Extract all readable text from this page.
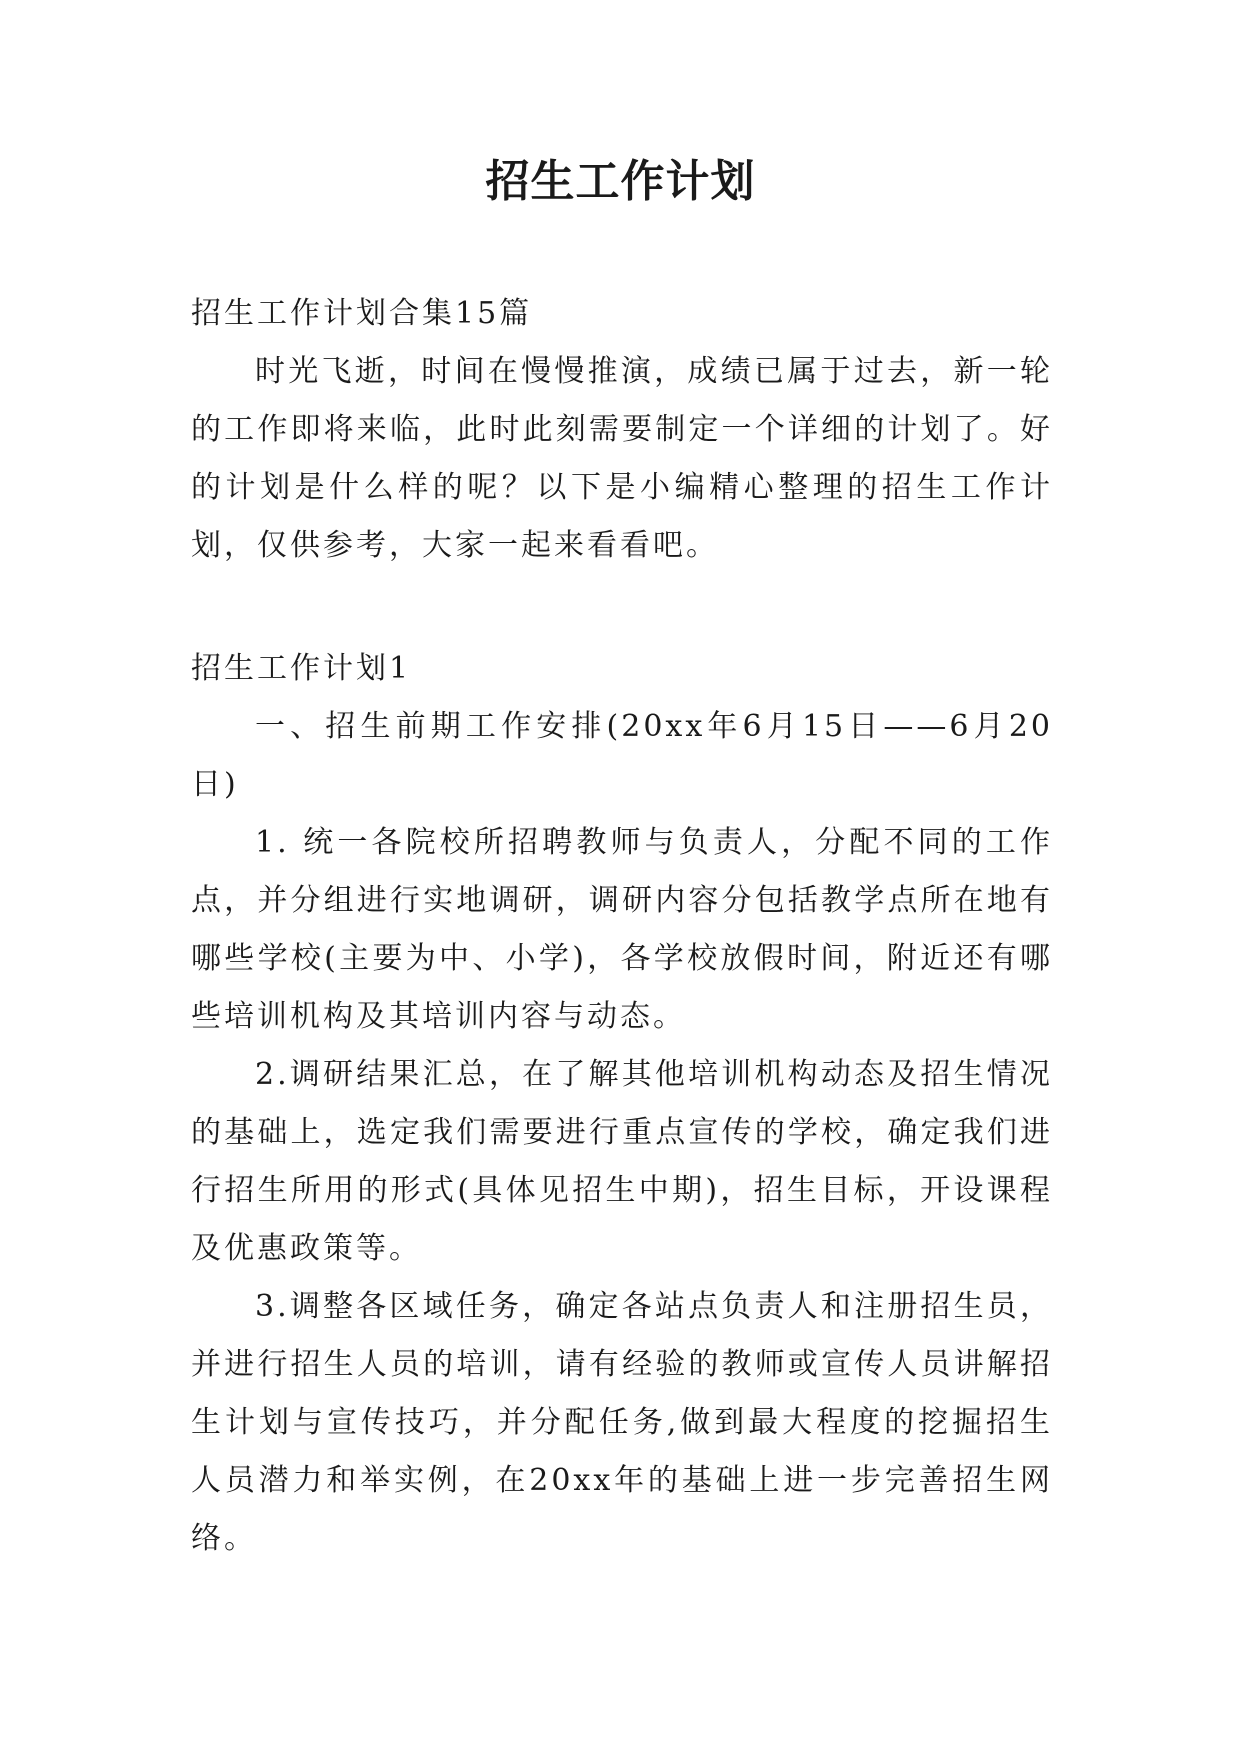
招生工作计划

招生工作计划合集15篇

时光飞逝，时间在慢慢推演，成绩已属于过去，新一轮的工作即将来临，此时此刻需要制定一个详细的计划了。好的计划是什么样的呢？以下是小编精心整理的招生工作计划，仅供参考，大家一起来看看吧。

招生工作计划1

一、招生前期工作安排(20xx年6月15日——6月20日)

1. 统一各院校所招聘教师与负责人，分配不同的工作点，并分组进行实地调研，调研内容分包括教学点所在地有哪些学校(主要为中、小学)，各学校放假时间，附近还有哪些培训机构及其培训内容与动态。

2.调研结果汇总，在了解其他培训机构动态及招生情况的基础上，选定我们需要进行重点宣传的学校，确定我们进行招生所用的形式(具体见招生中期)，招生目标，开设课程及优惠政策等。

3.调整各区域任务，确定各站点负责人和注册招生员，并进行招生人员的培训，请有经验的教师或宣传人员讲解招生计划与宣传技巧，并分配任务,做到最大程度的挖掘招生人员潜力和举实例，在20xx年的基础上进一步完善招生网络。
